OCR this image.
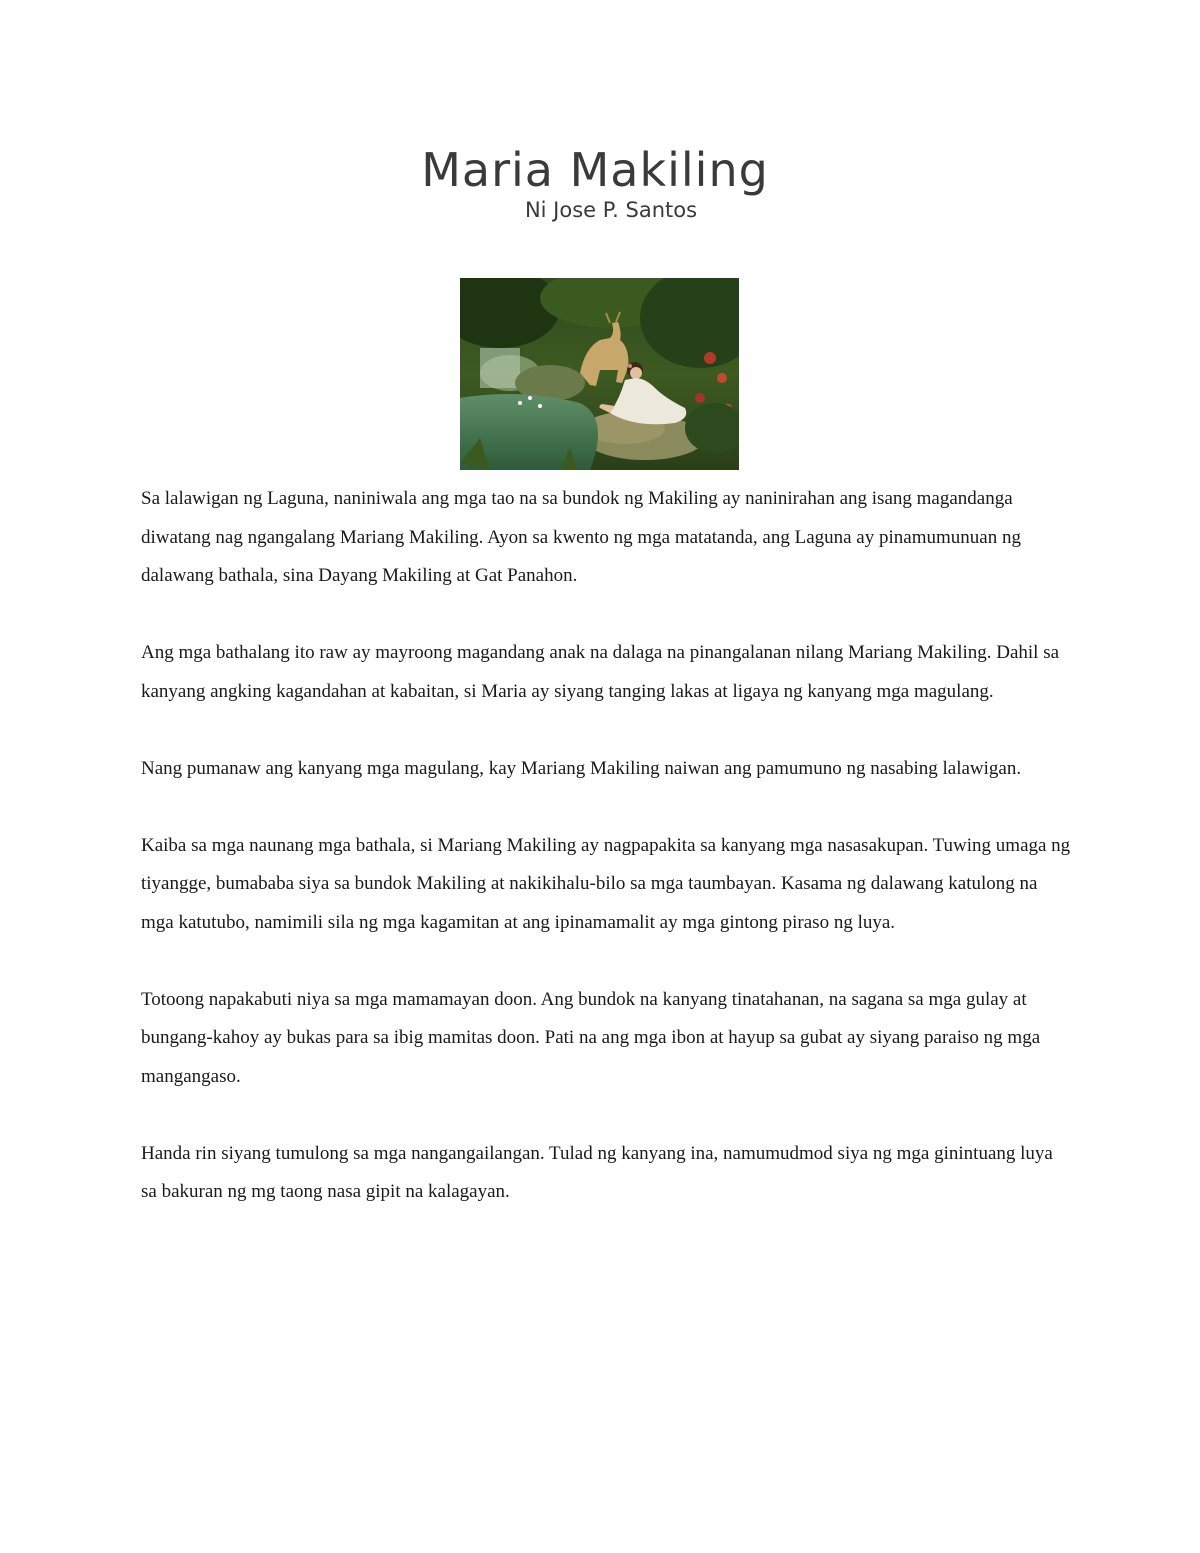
Maria Makiling
Ni Jose P. Santos

Sa lalawigan ng Laguna, naniniwala ang mga tao na sa bundok ng Makiling ay naninirahan ang isang magandanga diwatang nag ngangalang Mariang Makiling. Ayon sa kwento ng mga matatanda, ang Laguna ay pinamumunuan ng dalawang bathala, sina Dayang Makiling at Gat Panahon.

Ang mga bathalang ito raw ay mayroong magandang anak na dalaga na pinangalanan nilang Mariang Makiling. Dahil sa kanyang angking kagandahan at kabaitan, si Maria ay siyang tanging lakas at ligaya ng kanyang mga magulang.

Nang pumanaw ang kanyang mga magulang, kay Mariang Makiling naiwan ang pamumuno ng nasabing lalawigan.

Kaiba sa mga naunang mga bathala, si Mariang Makiling ay nagpapakita sa kanyang mga nasasakupan. Tuwing umaga ng tiyangge, bumababa siya sa bundok Makiling at nakikihalu-bilo sa mga taumbayan. Kasama ng dalawang katulong na mga katutubo, namimili sila ng mga kagamitan at ang ipinamamalit ay mga gintong piraso ng luya.

Totoong napakabuti niya sa mga mamamayan doon. Ang bundok na kanyang tinatahanan, na sagana sa mga gulay at bungang-kahoy ay bukas para sa ibig mamitas doon. Pati na ang mga ibon at hayup sa gubat ay siyang paraiso ng mga mangangaso.

Handa rin siyang tumulong sa mga nangangailangan. Tulad ng kanyang ina, namumudmod siya ng mga ginintuang luya sa bakuran ng mg taong nasa gipit na kalagayan.
